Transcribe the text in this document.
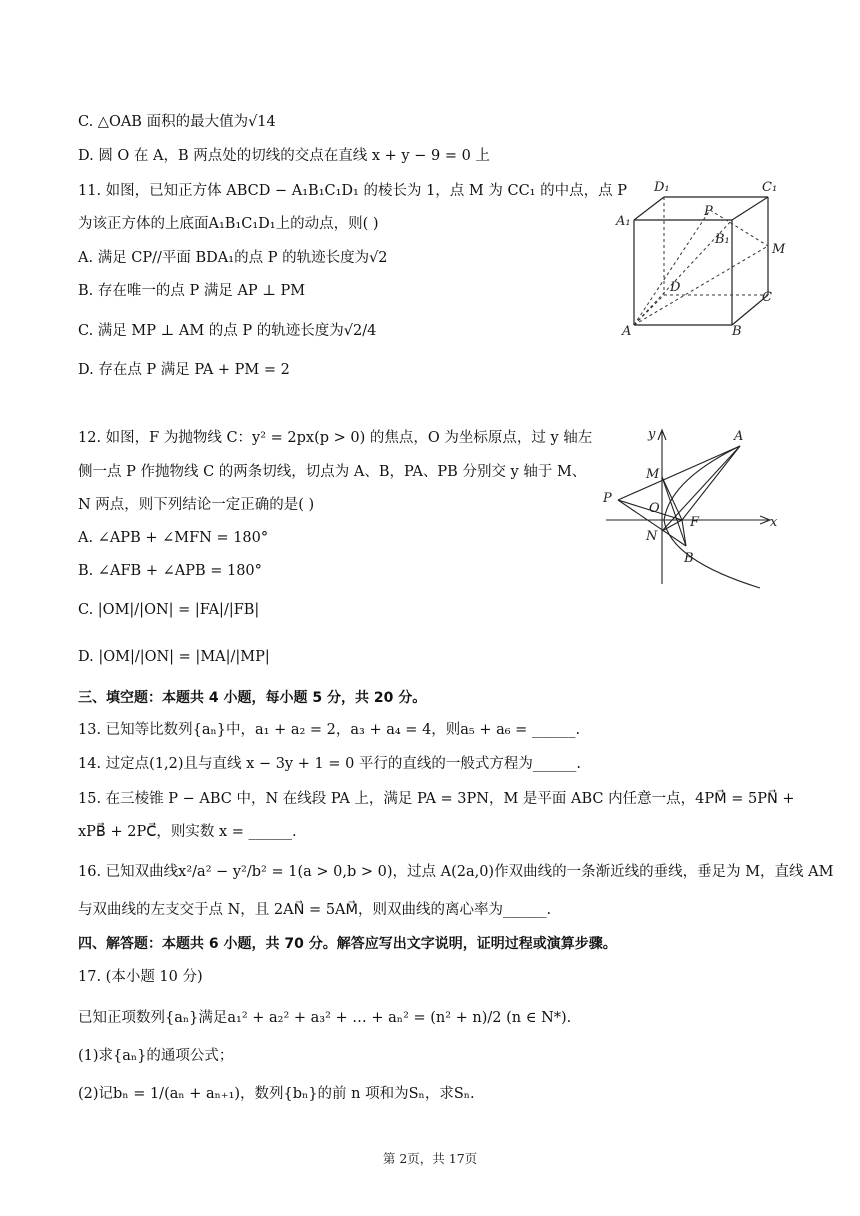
C. △OAB 面积的最大值为√14
D. 圆 O 在 A，B 两点处的切线的交点在直线 x + y − 9 = 0 上
11. 如图，已知正方体 ABCD − A₁B₁C₁D₁ 的棱长为 1，点 M 为 CC₁ 的中点，点 P
为该正方体的上底面A₁B₁C₁D₁上的动点，则( )
A. 满足 CP//平面 BDA₁的点 P 的轨迹长度为√2
B. 存在唯一的点 P 满足 AP ⊥ PM
C. 满足 MP ⊥ AM 的点 P 的轨迹长度为√2/4
D. 存在点 P 满足 PA + PM = 2
D₁	C₁
A₁
B₁
P
M
D
C
A	B
12. 如图，F 为抛物线 C：y² = 2px(p > 0) 的焦点，O 为坐标原点，过 y 轴左
侧一点 P 作抛物线 C 的两条切线，切点为 A、B，PA、PB 分别交 y 轴于 M、
N 两点，则下列结论一定正确的是( )
A. ∠APB + ∠MFN = 180°
B. ∠AFB + ∠APB = 180°
C. |OM|/|ON| = |FA|/|FB|
D. |OM|/|ON| = |MA|/|MP|
y
x
A
M
P
O
F
N
B
三、填空题：本题共 4 小题，每小题 5 分，共 20 分。
13. 已知等比数列{aₙ}中，a₁ + a₂ = 2，a₃ + a₄ = 4，则a₅ + a₆ = ______.
14. 过定点(1,2)且与直线 x − 3y + 1 = 0 平行的直线的一般式方程为______.
15. 在三棱锥 P − ABC 中，N 在线段 PA 上，满足 PA = 3PN，M 是平面 ABC 内任意一点，4PM⃗ = 5PN⃗ +
xPB⃗ + 2PC⃗，则实数 x = ______.
16. 已知双曲线x²/a² − y²/b² = 1(a > 0,b > 0)，过点 A(2a,0)作双曲线的一条渐近线的垂线，垂足为 M，直线 AM
与双曲线的左支交于点 N，且 2AN⃗ = 5AM⃗，则双曲线的离心率为______.
四、解答题：本题共 6 小题，共 70 分。解答应写出文字说明，证明过程或演算步骤。
17. (本小题 10 分)
已知正项数列{aₙ}满足a₁² + a₂² + a₃² + … + aₙ² = (n² + n)/2 (n ∈ N*).
(1)求{aₙ}的通项公式；
(2)记bₙ = 1/(aₙ + aₙ₊₁)，数列{bₙ}的前 n 项和为Sₙ，求Sₙ.
第 2页，共 17页
